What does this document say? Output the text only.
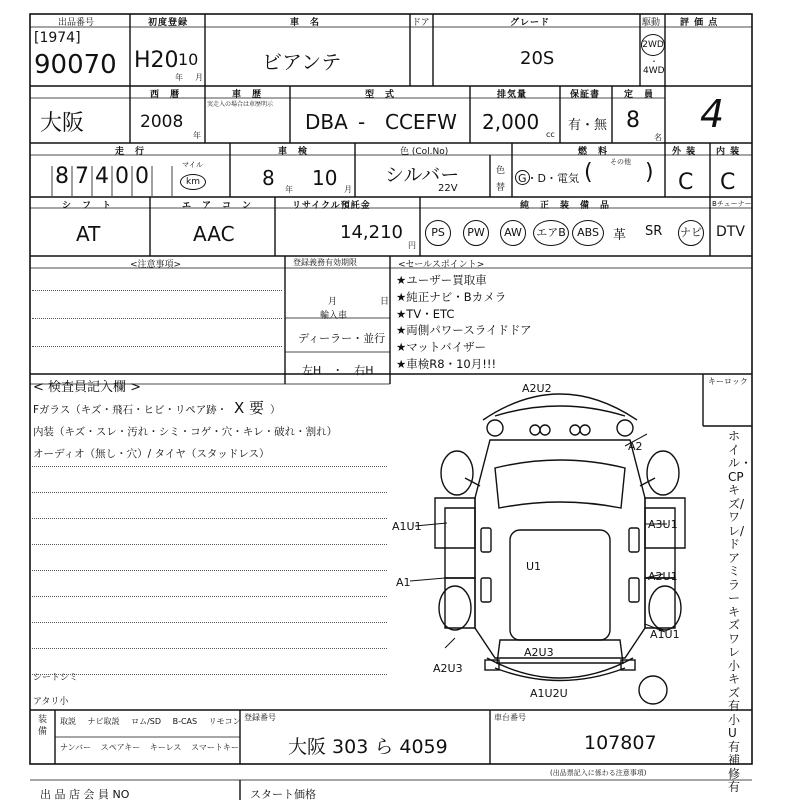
出品番号
[1974]
90070
初度登録
H20 10
年 月
車　名
ビアンテ
ドア	グレード
20S
駆動
2WD
・
4WD
評 価 点
4
大阪
西　暦
2008
年
車　歴
実走入の場合は車歴明示
型　式
DBA - CCEFW
排気量
2,000
cc
保証書
有・無
定　員
8
名
走　行
8 7 4 0 0	マイル
km
車　検
8 年 10 月
色 (Col.No)
シルバー
22V
色
替
燃　料
その他
G・D・電気 ( )
外 装
C
内 装
C
シ　フ　ト
AT
エ　ア　コ　ン
AAC
リサイクル預託金
14,210
円
純　正　装　備　品	Bチューナー
PS	PW	AW	エアB	ABS	革 SR ナビ DTV
<注意事項>	登録義務有効期限
月	日
輸入車
ディーラー・並行
左H　・　右H
<セールスポイント>
★ユーザー買取車
★純正ナビ・Bカメラ
★TV・ETC
★両側パワースライドドア
★マットバイザー
★車検R8・10月!!!
< 検査員記入欄 >
Fガラス（キズ・飛石・ヒビ・リペア跡・ X 要 ）
内装（キズ・スレ・汚れ・シミ・コゲ・穴・キレ・破れ・割れ）
オーディオ（無し・穴）/ タイヤ（スタッドレス）
シートシミ
アタリ小
キーロック
ホイル・CPキズ/ワレ/ドアミラーキズワレ小キズ有 小U有 補修有
A2U2
A2
A1U1	A3U1
U1
A1	A2U1
A1U1
A2U3
A2U3
A1U2U
装備
取説 ナビ取説 ロム/SD B-CAS リモコン
ナンバー スペアキー キーレス スマートキー
登録番号
大阪 303 ら 4059
車台番号
107807
(出品票記入に係わる注意事項)
出 品 店 会 員 NO	スタート価格
